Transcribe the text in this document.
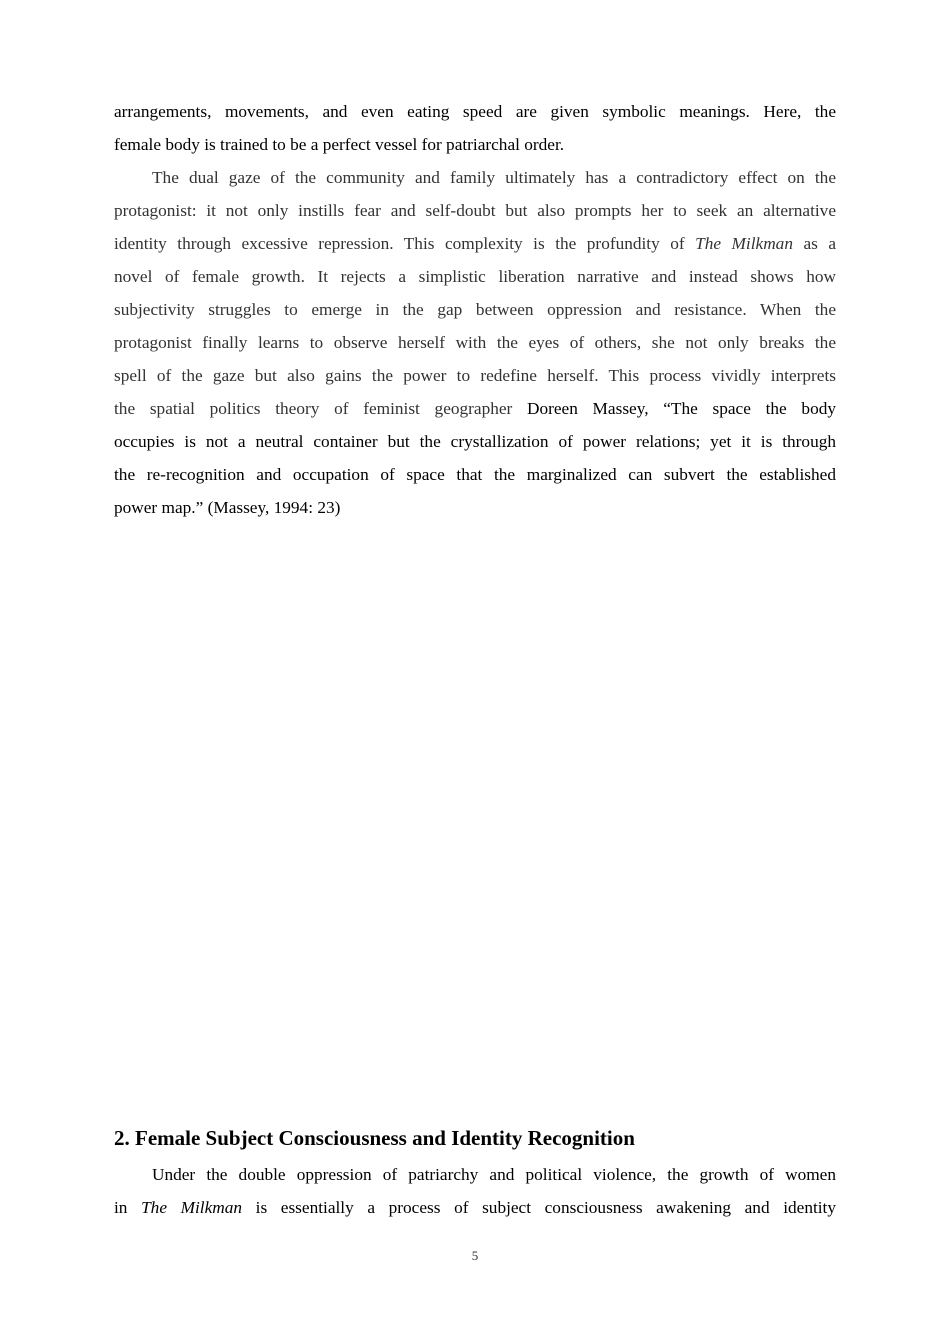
arrangements, movements, and even eating speed are given symbolic meanings. Here, the
female body is trained to be a perfect vessel for patriarchal order.

The dual gaze of the community and family ultimately has a contradictory effect on the
protagonist: it not only instills fear and self-doubt but also prompts her to seek an alternative
identity through excessive repression. This complexity is the profundity of The Milkman as a
novel of female growth. It rejects a simplistic liberation narrative and instead shows how
subjectivity struggles to emerge in the gap between oppression and resistance. When the
protagonist finally learns to observe herself with the eyes of others, she not only breaks the
spell of the gaze but also gains the power to redefine herself. This process vividly interprets
the spatial politics theory of feminist geographer Doreen Massey, “The space the body
occupies is not a neutral container but the crystallization of power relations; yet it is through
the re-recognition and occupation of space that the marginalized can subvert the established
power map.” (Massey, 1994: 23)

2. Female Subject Consciousness and Identity Recognition

Under the double oppression of patriarchy and political violence, the growth of women
in The Milkman is essentially a process of subject consciousness awakening and identity

5
